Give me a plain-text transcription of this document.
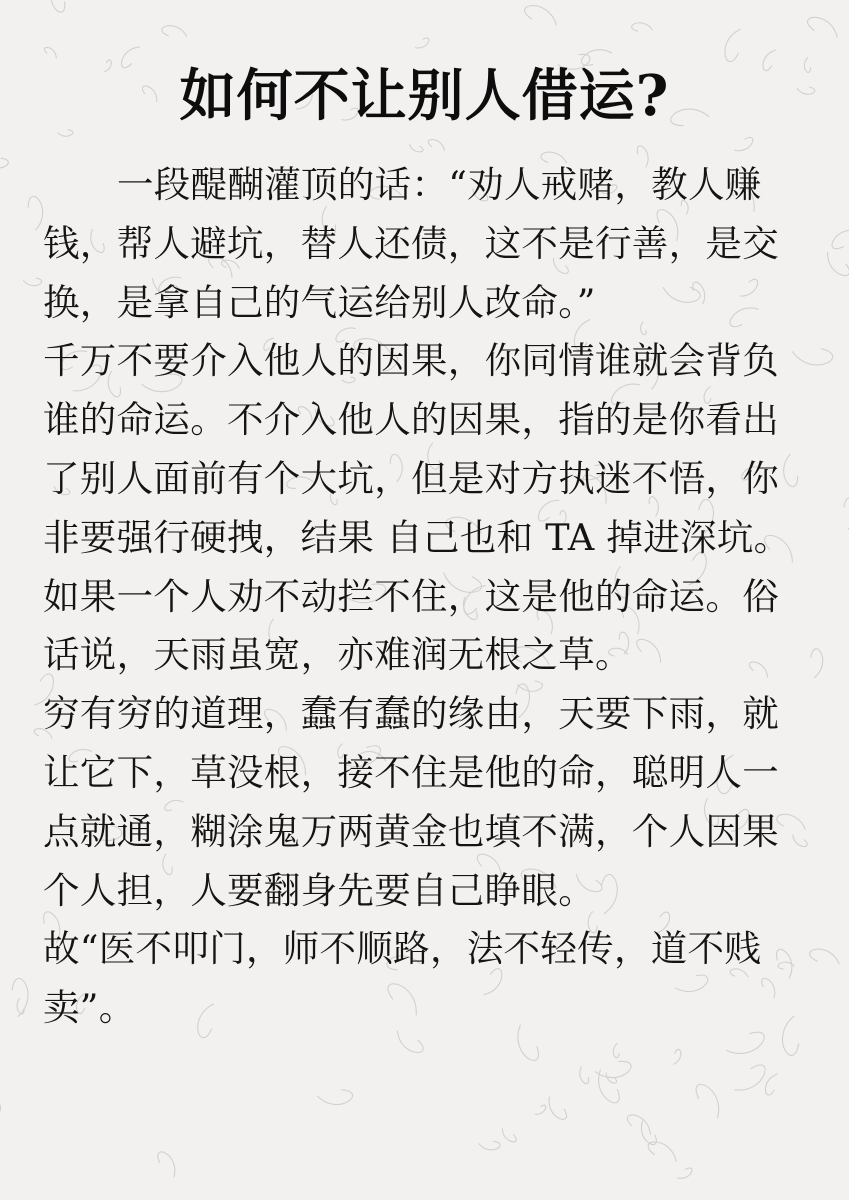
如何不让别人借运?

一段醍醐灌顶的话：“劝人戒赌，教人赚钱，帮人避坑，替人还债，这不是行善，是交换，是拿自己的气运给别人改命。”

千万不要介入他人的因果，你同情谁就会背负谁的命运。不介入他人的因果，指的是你看出了别人面前有个大坑，但是对方执迷不悟，你非要强行硬拽，结果 自己也和 TA 掉进深坑。

如果一个人劝不动拦不住，这是他的命运。俗话说，天雨虽宽，亦难润无根之草。

穷有穷的道理，蠢有蠢的缘由，天要下雨，就让它下，草没根，接不住是他的命，聪明人一点就通，糊涂鬼万两黄金也填不满，个人因果个人担，人要翻身先要自己睁眼。

故“医不叩门，师不顺路，法不轻传，道不贱卖”。
